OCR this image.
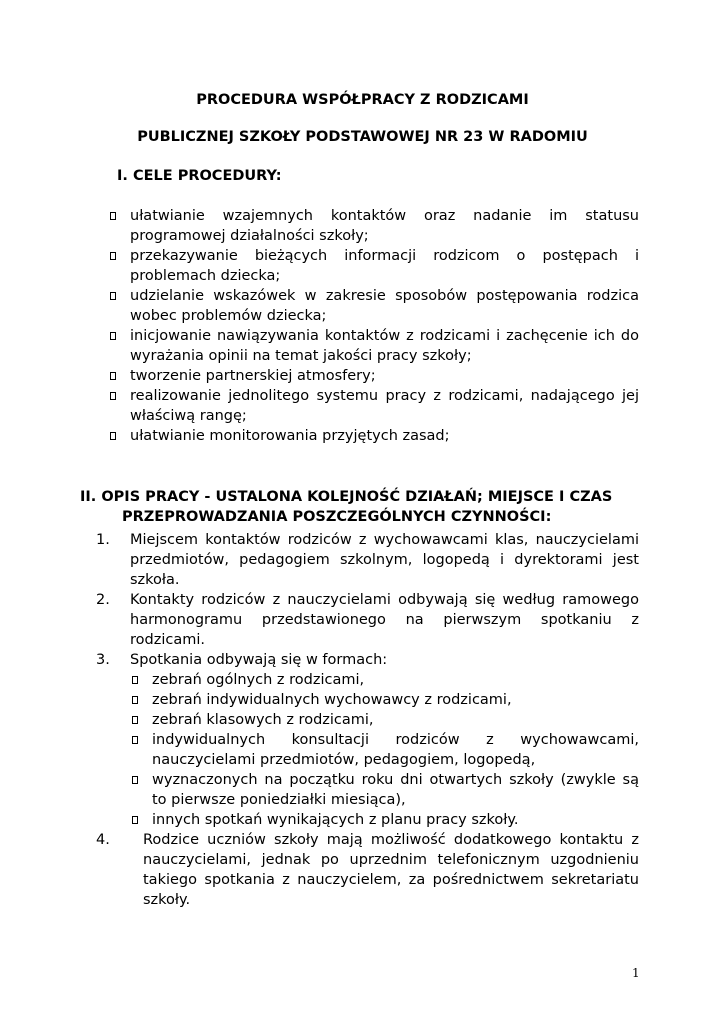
PROCEDURA WSPÓŁPRACY Z RODZICAMI
PUBLICZNEJ SZKOŁY PODSTAWOWEJ NR 23 W RADOMIU
I. CELE PROCEDURY:
ułatwianie wzajemnych kontaktów oraz nadanie im statusu programowej działalności szkoły;
przekazywanie bieżących informacji rodzicom o postępach i problemach dziecka;
udzielanie wskazówek w zakresie sposobów postępowania rodzica wobec problemów dziecka;
inicjowanie nawiązywania kontaktów z rodzicami i zachęcenie ich do wyrażania opinii na temat jakości pracy szkoły;
tworzenie partnerskiej atmosfery;
realizowanie jednolitego systemu pracy z rodzicami, nadającego jej właściwą rangę;
ułatwianie monitorowania przyjętych zasad;
II. OPIS PRACY - USTALONA KOLEJNOŚĆ DZIAŁAŃ; MIEJSCE I CZAS
PRZEPROWADZANIA POSZCZEGÓLNYCH CZYNNOŚCI:
1. Miejscem kontaktów rodziców z wychowawcami klas, nauczycielami przedmiotów, pedagogiem szkolnym, logopedą i dyrektorami jest szkoła.
2. Kontakty rodziców z nauczycielami odbywają się według ramowego harmonogramu przedstawionego na pierwszym spotkaniu z rodzicami.
3. Spotkania odbywają się w formach:
zebrań ogólnych z rodzicami,
zebrań indywidualnych wychowawcy z rodzicami,
zebrań klasowych z rodzicami,
indywidualnych konsultacji rodziców z wychowawcami, nauczycielami przedmiotów, pedagogiem, logopedą,
wyznaczonych na początku roku dni otwartych szkoły (zwykle są to pierwsze poniedziałki miesiąca),
innych spotkań wynikających z planu pracy szkoły.
4. Rodzice uczniów szkoły mają możliwość dodatkowego kontaktu z nauczycielami, jednak po uprzednim telefonicznym uzgodnieniu takiego spotkania z nauczycielem, za pośrednictwem sekretariatu szkoły.
1
